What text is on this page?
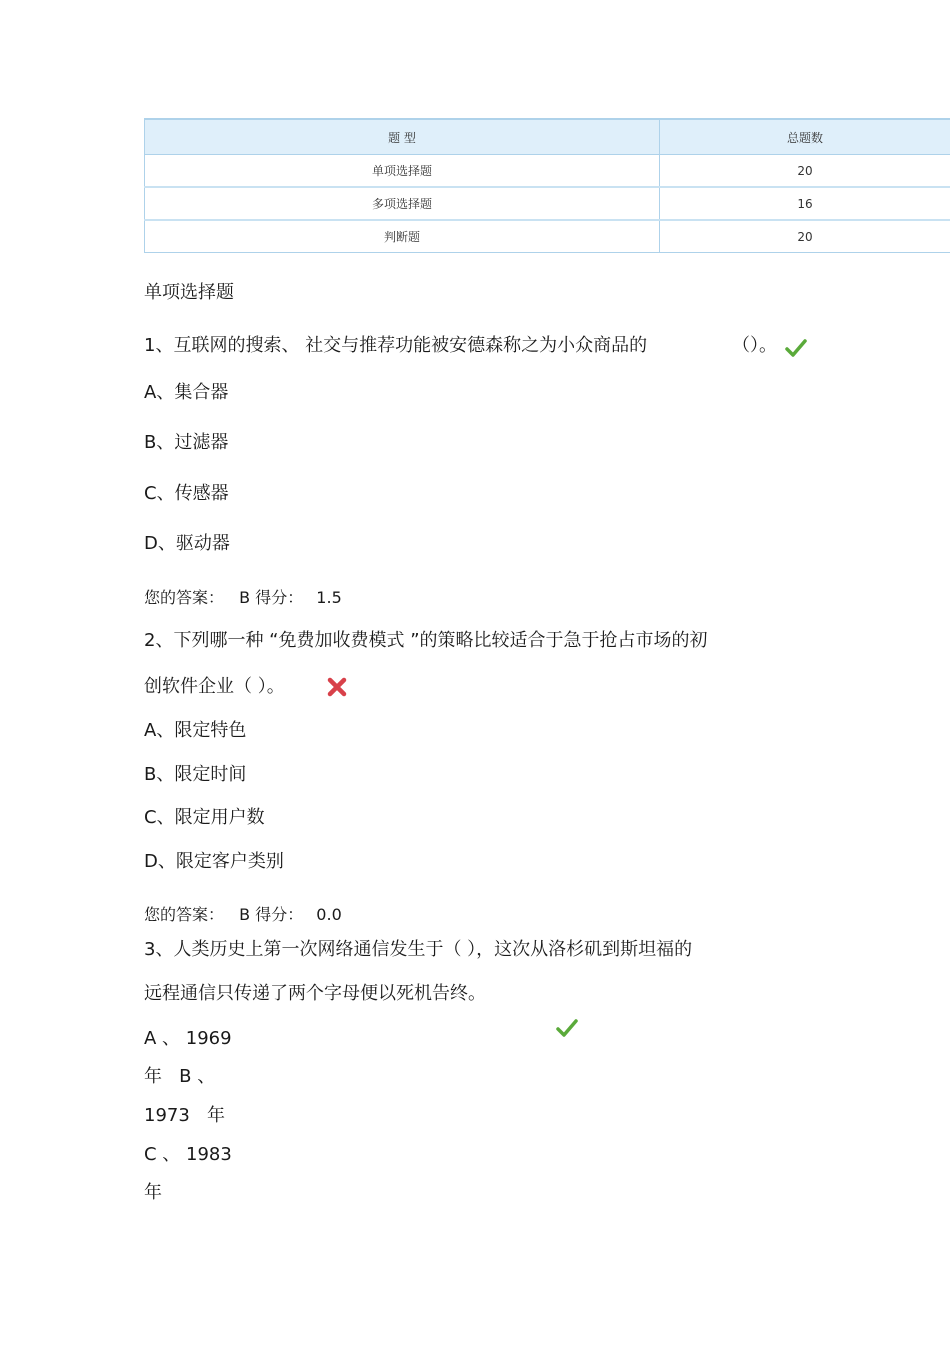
题 型	总题数
单项选择题	20
多项选择题	16
判断题	20
单项选择题
1、互联网的搜索、 社交与推荐功能被安德森称之为小众商品的	（）。
A、集合器
B、过滤器
C、传感器
D、驱动器
您的答案： B 得分： 1.5
2、下列哪一种 “免费加收费模式 ”的策略比较适合于急于抢占市场的初
创软件企业（ ）。
A、限定特色
B、限定时间
C、限定用户数
D、限定客户类别
您的答案： B 得分： 0.0
3、人类历史上第一次网络通信发生于（ ），这次从洛杉矶到斯坦福的
远程通信只传递了两个字母便以死机告终。
A 、 1969
年   B 、
1973   年
C 、 1983
年
